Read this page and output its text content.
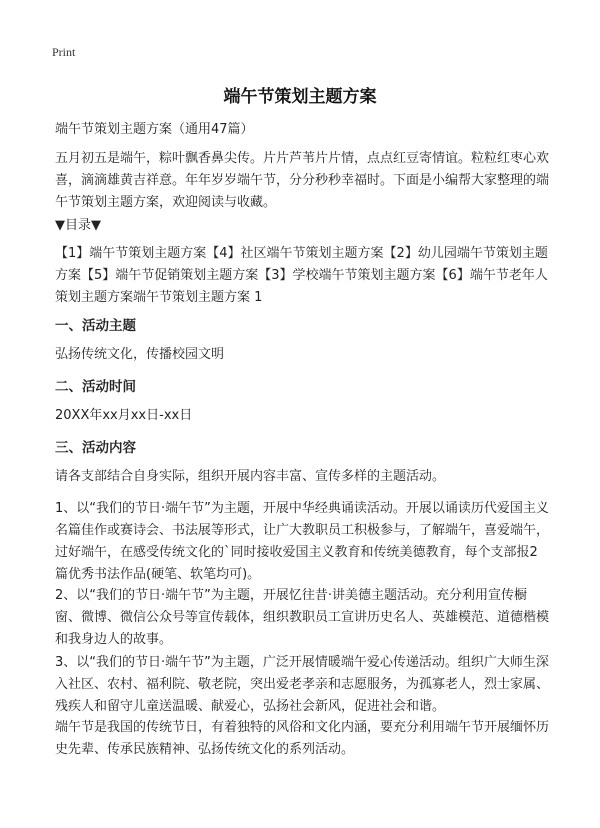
Print
端午节策划主题方案

端午节策划主题方案（通用47篇）

五月初五是端午，粽叶飘香鼻尖传。片片芦苇片片情，点点红豆寄情谊。粒粒红枣心欢喜，滴滴雄黄吉祥意。年年岁岁端午节，分分秒秒幸福时。下面是小编帮大家整理的端午节策划主题方案，欢迎阅读与收藏。

▼目录▼

【1】端午节策划主题方案【4】社区端午节策划主题方案【2】幼儿园端午节策划主题方案【5】端午节促销策划主题方案【3】学校端午节策划主题方案【6】端午节老年人策划主题方案端午节策划主题方案 1

一、活动主题

弘扬传统文化，传播校园文明

二、活动时间

20XX年xx月xx日-xx日

三、活动内容

请各支部结合自身实际，组织开展内容丰富、宣传多样的主题活动。

1、以“我们的节日·端午节”为主题，开展中华经典诵读活动。开展以诵读历代爱国主义名篇佳作或赛诗会、书法展等形式，让广大教职员工积极参与，了解端午，喜爱端午，过好端午，在感受传统文化的`同时接收爱国主义教育和传统美德教育，每个支部报2篇优秀书法作品(硬笔、软笔均可)。

2、以“我们的节日·端午节”为主题，开展忆往昔·讲美德主题活动。充分利用宣传橱窗、微博、微信公众号等宣传载体，组织教职员工宣讲历史名人、英雄模范、道德楷模和我身边人的故事。

3、以“我们的节日·端午节”为主题，广泛开展情暖端午爱心传递活动。组织广大师生深入社区、农村、福利院、敬老院，突出爱老孝亲和志愿服务，为孤寡老人，烈士家属、残疾人和留守儿童送温暖、献爱心，弘扬社会新风，促进社会和谐。

端午节是我国的传统节日，有着独特的风俗和文化内涵，要充分利用端午节开展缅怀历史先辈、传承民族精神、弘扬传统文化的系列活动。
